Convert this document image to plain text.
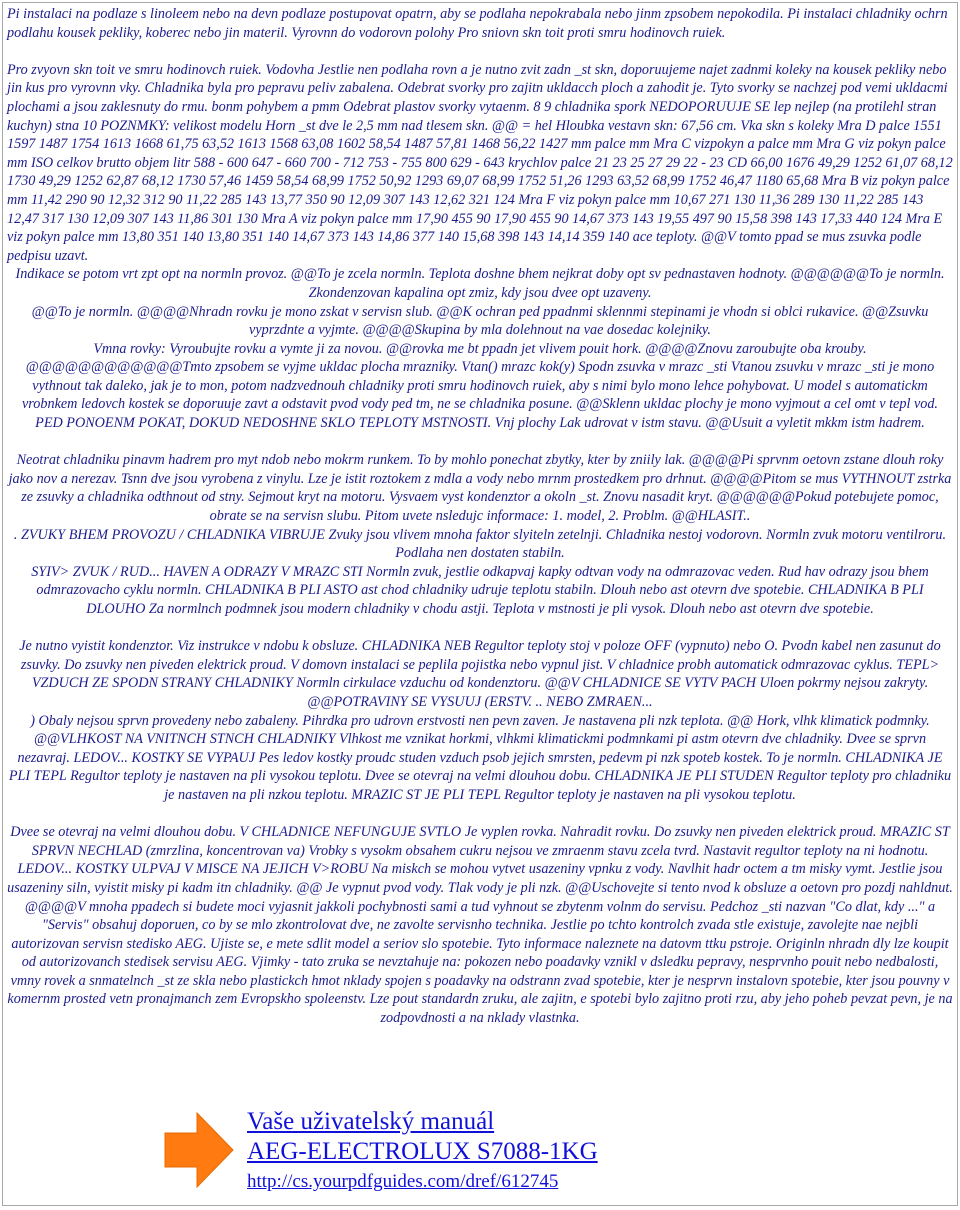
Pi instalaci na podlaze s linoleem nebo na devn podlaze postupovat opatrn, aby se podlaha nepokrabala nebo jinm zpsobem nepokodila. Pi instalaci chladniky ochrn podlahu kousek pekliky, koberec nebo jin materil. Vyrovnn do vodorovn polohy Pro sniovn skn toit proti smru hodinovch ruiek.

Pro zvyovn skn toit ve smru hodinovch ruiek. Vodovha Jestlie nen podlaha rovn a je nutno zvit zadn _st skn, doporuujeme najet zadnmi koleky na kousek pekliky nebo jin kus pro vyrovnn vky. Chladnika byla pro pepravu peliv zabalena. Odebrat svorky pro zajitn ukldacch ploch a zahodit je. Tyto svorky se nachzej pod vemi ukldacmi plochami a jsou zaklesnuty do rmu. bonm pohybem a pmm Odebrat plastov svorky vytaenm. 8 9 chladnika spork NEDOPORUUJE SE lep nejlep (na protilehl stran kuchyn) stna 10 POZNMKY: velikost modelu Horn _st dve le 2,5 mm nad tlesem skn. @@ = hel Hloubka vestavn skn: 67,56 cm. Vka skn s koleky Mra D palce 1551 1597 1487 1754 1613 1668 61,75 63,52 1613 1568 63,08 1602 58,54 1487 57,81 1468 56,22 1427 mm palce mm Mra C vizpokyn a palce mm Mra G viz pokyn palce mm ISO celkov brutto objem litr 588 - 600 647 - 660 700 - 712 753 - 755 800 629 - 643 krychlov palce 21 23 25 27 29 22 - 23 CD 66,00 1676 49,29 1252 61,07 68,12 1730 49,29 1252 62,87 68,12 1730 57,46 1459 58,54 68,99 1752 50,92 1293 69,07 68,99 1752 51,26 1293 63,52 68,99 1752 46,47 1180 65,68 Mra B viz pokyn palce mm 11,42 290 90 12,32 312 90 11,22 285 143 13,77 350 90 12,09 307 143 12,62 321 124 Mra F viz pokyn palce mm 10,67 271 130 11,36 289 130 11,22 285 143 12,47 317 130 12,09 307 143 11,86 301 130 Mra A viz pokyn palce mm 17,90 455 90 17,90 455 90 14,67 373 143 19,55 497 90 15,58 398 143 17,33 440 124 Mra E viz pokyn palce mm 13,80 351 140 13,80 351 140 14,67 373 143 14,86 377 140 15,68 398 143 14,14 359 140 ace teploty. @@V tomto ppad se mus zsuvka podle pedpisu uzavt.

Indikace se potom vrt zpt opt na normln provoz. @@To je zcela normln. Teplota doshne bhem nejkrat doby opt sv pednastaven hodnoty. @@@@@@To je normln. Zkondenzovan kapalina opt zmiz, kdy jsou dvee opt uzaveny.

@@To je normln. @@@@Nhradn rovku je mono zskat v servisn slub. @@K ochran ped ppadnmi sklennmi stepinami je vhodn si oblci rukavice. @@Zsuvku vyprzdnte a vyjmte. @@@@Skupina by mla dolehnout na vae dosedac kolejniky.

Vmna rovky: Vyroubujte rovku a vymte ji za novou. @@rovka me bt ppadn jet vlivem pouit hork. @@@@Znovu zaroubujte oba krouby.

@@@@@@@@@@@@Tmto zpsobem se vyjme ukldac plocha mrazniky. Vtan() mrazc kok(y) Spodn zsuvka v mrazc _sti Vtanou zsuvku v mrazc _sti je mono vythnout tak daleko, jak je to mon, potom nadzvednouh chladniky proti smru hodinovch ruiek, aby s nimi bylo mono lehce pohybovat. U model s automatickm vrobnkem ledovch kostek se doporuuje zavt a odstavit pvod vody ped tm, ne se chladnika posune. @@Sklenn ukldac plochy je mono vyjmout a cel omt v tepl vod. PED PONOENM POKAT, DOKUD NEDOSHNE SKLO TEPLOTY MSTNOSTI. Vnj plochy Lak udrovat v istm stavu. @@Usuit a vyletit mkkm istm hadrem.

Neotrat chladniku pinavm hadrem pro myt ndob nebo mokrm runkem. To by mohlo ponechat zbytky, kter by zniily lak. @@@@Pi sprvnm oetovn zstane dlouh roky jako nov a nerezav. Tsnn dve jsou vyrobena z vinylu. Lze je istit roztokem z mdla a vody nebo mrnm prostedkem pro drhnut. @@@@Pitom se mus VYTHNOUT zstrka ze zsuvky a chladnika odthnout od stny. Sejmout kryt na motoru. Vysvaem vyst kondenztor a okoln _st. Znovu nasadit kryt. @@@@@@Pokud potebujete pomoc, obrate se na servisn slubu. Pitom uvete nsledujc informace: 1. model, 2. Problm. @@HLASIT..

. ZVUKY BHEM PROVOZU / CHLADNIKA VIBRUJE Zvuky jsou vlivem mnoha faktor slyiteln zetelnji. Chladnika nestoj vodorovn. Normln zvuk motoru ventilroru. Podlaha nen dostaten stabiln.

SYIV> ZVUK / RUD... HAVEN A ODRAZY V MRAZC STI Normln zvuk, jestlie odkapvaj kapky odtvan vody na odmrazovac veden. Rud hav odrazy jsou bhem odmrazovacho cyklu normln. CHLADNIKA B PLI ASTO ast chod chladniky udruje teplotu stabiln. Dlouh nebo ast otevrn dve spotebie. CHLADNIKA B PLI DLOUHO Za normlnch podmnek jsou modern chladniky v chodu astji. Teplota v mstnosti je pli vysok. Dlouh nebo ast otevrn dve spotebie.

Je nutno vyistit kondenztor. Viz instrukce v ndobu k obsluze. CHLADNIKA NEB Regultor teploty stoj v poloze OFF (vypnuto) nebo O. Pvodn kabel nen zasunut do zsuvky. Do zsuvky nen piveden elektrick proud. V domovn instalaci se peplila pojistka nebo vypnul jist. V chladnice probh automatick odmrazovac cyklus. TEPL> VZDUCH ZE SPODN STRANY CHLADNIKY Normln cirkulace vzduchu od kondenztoru. @@V CHLADNICE SE VYTV PACH Uloen pokrmy nejsou zakryty. @@POTRAVINY SE VYSUUJ (ERSTV. .. NEBO ZMRAEN...

) Obaly nejsou sprvn provedeny nebo zabaleny. Pihrdka pro udrovn erstvosti nen pevn zaven. Je nastavena pli nzk teplota. @@ Hork, vlhk klimatick podmnky. @@VLHKOST NA VNITNCH STNCH CHLADNIKY Vlhkost me vznikat horkmi, vlhkmi klimatickmi podmnkami pi astm otevrn dve chladniky. Dvee se sprvn nezavraj. LEDOV... KOSTKY SE VYPAUJ Pes ledov kostky proudc studen vzduch psob jejich smrsten, pedevm pi nzk spoteb kostek. To je normln. CHLADNIKA JE PLI TEPL Regultor teploty je nastaven na pli vysokou teplotu. Dvee se otevraj na velmi dlouhou dobu. CHLADNIKA JE PLI STUDEN Regultor teploty pro chladniku je nastaven na pli nzkou teplotu. MRAZIC ST JE PLI TEPL Regultor teploty je nastaven na pli vysokou teplotu.

Dvee se otevraj na velmi dlouhou dobu. V CHLADNICE NEFUNGUJE SVTLO Je vyplen rovka. Nahradit rovku. Do zsuvky nen piveden elektrick proud. MRAZIC ST SPRVN NECHLAD (zmrzlina, koncentrovan va) Vrobky s vysokm obsahem cukru nejsou ve zmraenm stavu zcela tvrd. Nastavit regultor teploty na ni hodnotu. LEDOV... KOSTKY ULPVAJ V MISCE NA JEJICH V>ROBU Na miskch se mohou vytvet usazeniny vpnku z vody. Navlhit hadr octem a tm misky vymt. Jestlie jsou usazeniny siln, vyistit misky pi kadm itn chladniky. @@ Je vypnut pvod vody. Tlak vody je pli nzk. @@Uschovejte si tento nvod k obsluze a oetovn pro pozdj nahldnut.

@@@@V mnoha ppadech si budete moci vyjasnit jakkoli pochybnosti sami a tud vyhnout se zbytenm volnm do servisu. Pedchoz _sti nazvan "Co dlat, kdy ..." a "Servis" obsahuj doporuen, co by se mlo zkontrolovat dve, ne zavolte servisnho technika. Jestlie po tchto kontrolch zvada stle existuje, zavolejte nae nejbli autorizovan servisn stedisko AEG. Ujiste se, e mete sdlit model a seriov slo spotebie. Tyto informace naleznete na datovm ttku pstroje. Originln nhradn dly lze koupit od autorizovanch stedisek servisu AEG. Vjimky - tato zruka se nevztahuje na: pokozen nebo poadavky vznikl v dsledku pepravy, nesprvnho pouit nebo nedbalosti, vmny rovek a snmatelnch _st ze skla nebo plastickch hmot nklady spojen s poadavky na odstrann zvad spotebie, kter je nesprvn instalovn spotebie, kter jsou pouvny v komernm prosted vetn pronajmanch zem Evropskho spoleenstv. Lze pout standardn zruku, ale zajitn, e spotebi bylo zajitno proti rzu, aby jeho poheb pevzat pevn, je na zodpovdnosti a na nklady vlastnka.

Vaše uživatelský manuál
AEG-ELECTROLUX S7088-1KG
http://cs.yourpdfguides.com/dref/612745
